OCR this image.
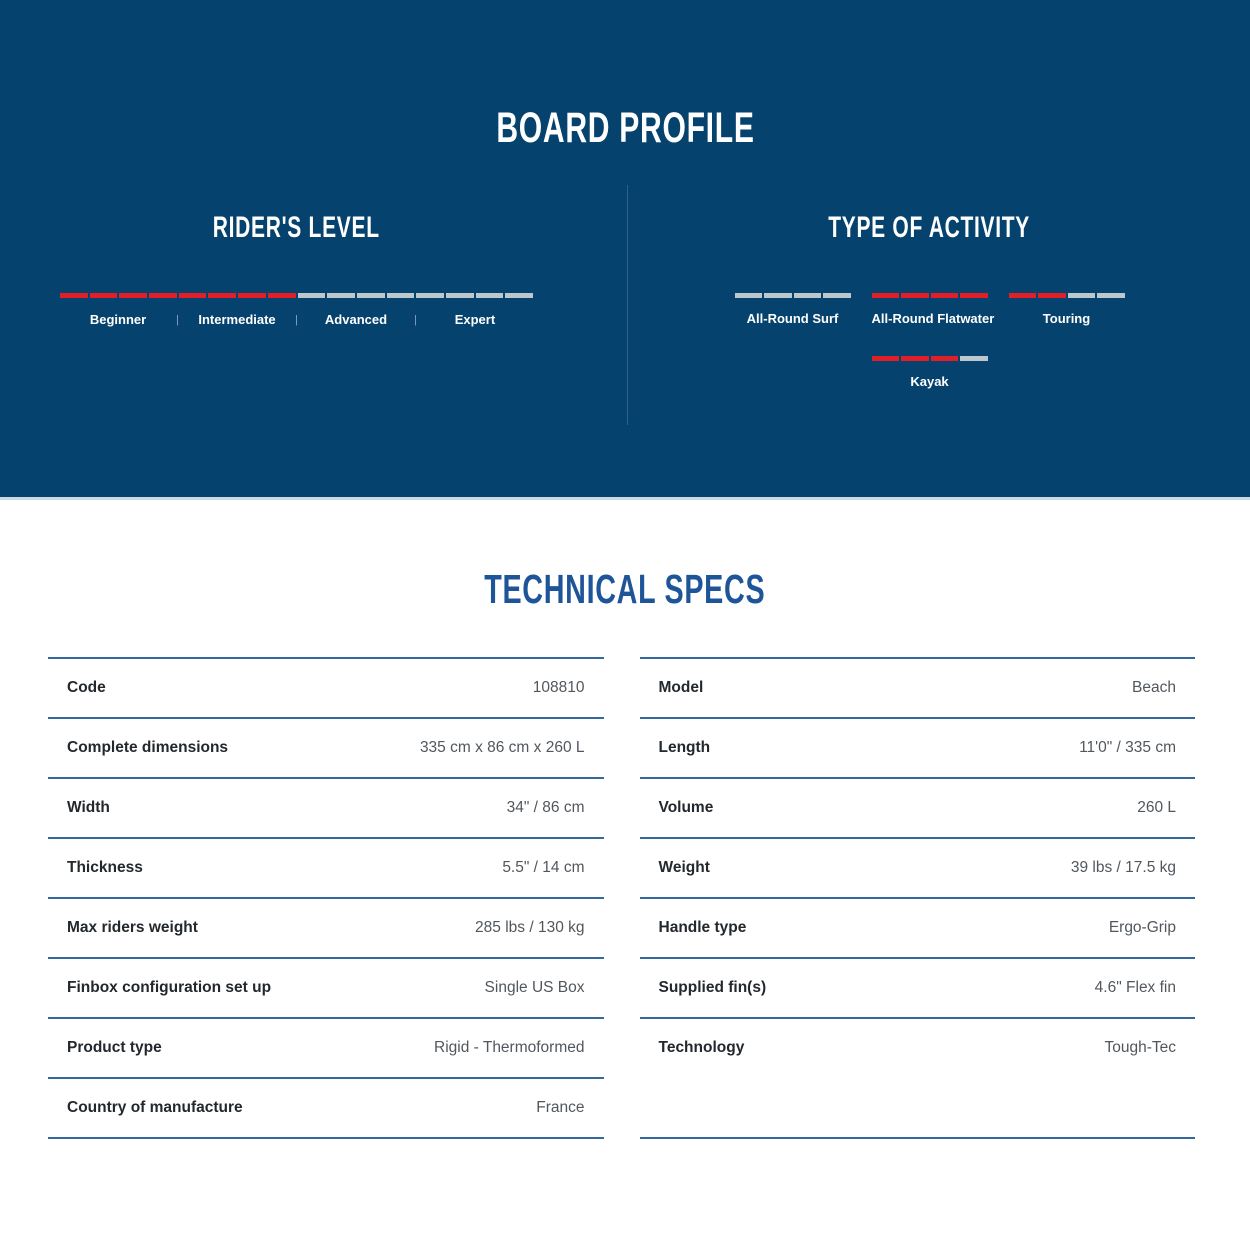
BOARD PROFILE
RIDER'S LEVEL
Beginner	|	Intermediate	|	Advanced	|	Expert
TYPE OF ACTIVITY
All-Round Surf	All-Round Flatwater	Touring
Kayak
TECHNICAL SPECS
Code	108810
Complete dimensions	335 cm x 86 cm x 260 L
Width	34" / 86 cm
Thickness	5.5" / 14 cm
Max riders weight	285 lbs / 130 kg
Finbox configuration set up	Single US Box
Product type	Rigid - Thermoformed
Country of manufacture	France
Model	Beach
Length	11'0" / 335 cm
Volume	260 L
Weight	39 lbs / 17.5 kg
Handle type	Ergo-Grip
Supplied fin(s)	4.6" Flex fin
Technology	Tough-Tec
